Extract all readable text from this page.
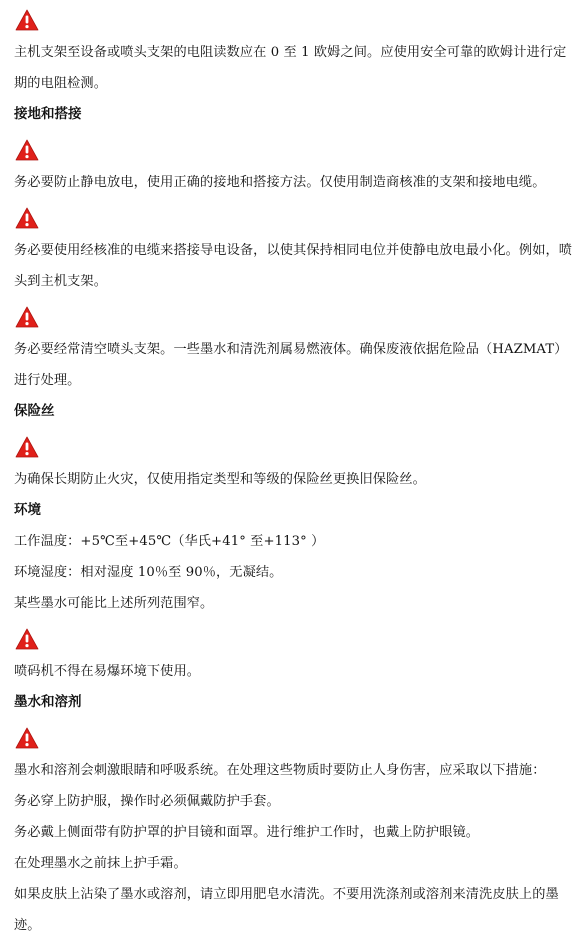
主机支架至设备或喷头支架的电阻读数应在 0 至 1 欧姆之间。应使用安全可靠的欧姆计进行定期的电阻检测。

接地和搭接

务必要防止静电放电，使用正确的接地和搭接方法。仅使用制造商核准的支架和接地电缆。

务必要使用经核准的电缆来搭接导电设备，以使其保持相同电位并使静电放电最小化。例如，喷头到主机支架。

务必要经常清空喷头支架。一些墨水和清洗剂属易燃液体。确保废液依据危险品（HAZMAT）进行处理。

保险丝

为确保长期防止火灾，仅使用指定类型和等级的保险丝更换旧保险丝。

环境

工作温度：+5℃至+45℃（华氏+41° 至+113° ）

环境湿度：相对湿度 10％至 90％，无凝结。

某些墨水可能比上述所列范围窄。

喷码机不得在易爆环境下使用。

墨水和溶剂

墨水和溶剂会刺激眼睛和呼吸系统。在处理这些物质时要防止人身伤害，应采取以下措施：

务必穿上防护服，操作时必须佩戴防护手套。

务必戴上侧面带有防护罩的护目镜和面罩。进行维护工作时，也戴上防护眼镜。

在处理墨水之前抹上护手霜。

如果皮肤上沾染了墨水或溶剂，请立即用肥皂水清洗。不要用洗涤剂或溶剂来清洗皮肤上的墨迹。
